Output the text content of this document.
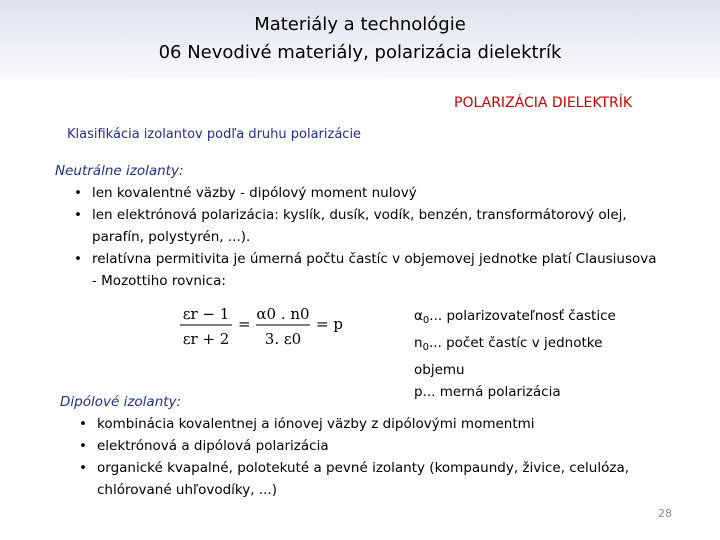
Materiály a technológie
06 Nevodivé materiály, polarizácia dielektrík
POLARIZÁCIA DIELEKTRÍK
Klasifikácia izolantov podľa druhu polarizácie
Neutrálne izolanty:
• len kovalentné väzby - dipólový moment nulový
• len elektrónová polarizácia: kyslík, dusík, vodík, benzén, transformátorový olej, parafín, polystyrén, ...).
• relatívna permitivita je úmerná počtu častíc v objemovej jednotke platí Clausiusova - Mozottiho rovnica:
εr − 1
εr + 2
=
α0 . n0
3. ε0
= p	$\alpha_0$... polarizovateľnosť častice
$n_0$... počet častíc v jednotke objemu
p... merná polarizácia
Dipólové izolanty:
• kombinácia kovalentnej a iónovej väzby z dipólovými momentmi
• elektrónová a dipólová polarizácia
• organické kvapalné, polotekuté a pevné izolanty (kompaundy, živice, celulóza, chlórované uhľovodíky, ...)
28
